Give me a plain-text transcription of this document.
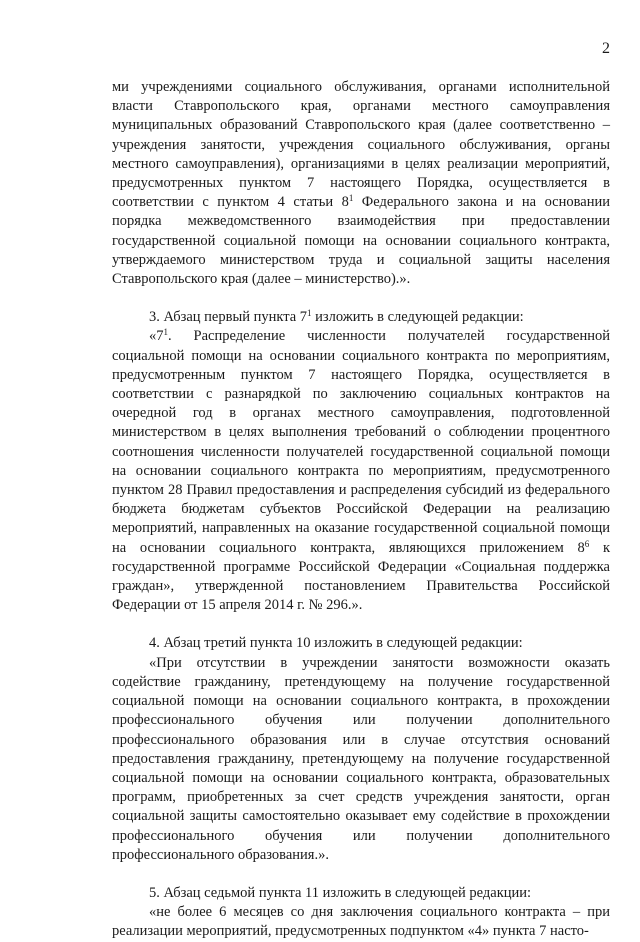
2

ми учреждениями социального обслуживания, органами исполнительной власти Ставропольского края, органами местного самоуправления муниципальных образований Ставропольского края (далее соответственно – учреждения занятости, учреждения социального обслуживания, органы местного самоуправления), организациями в целях реализации мероприятий, предусмотренных пунктом 7 настоящего Порядка, осуществляется в соответствии с пунктом 4 статьи $8^1$ Федерального закона и на основании порядка межведомственного взаимодействия при предоставлении государственной социальной помощи на основании социального контракта, утверждаемого министерством труда и социальной защиты населения Ставропольского края (далее – министерство).».

3. Абзац первый пункта $7^1$ изложить в следующей редакции:

«$7^1$. Распределение численности получателей государственной социальной помощи на основании социального контракта по мероприятиям, предусмотренным пунктом 7 настоящего Порядка, осуществляется в соответствии с разнарядкой по заключению социальных контрактов на очередной год в органах местного самоуправления, подготовленной министерством в целях выполнения требований о соблюдении процентного соотношения численности получателей государственной социальной помощи на основании социального контракта по мероприятиям, предусмотренного пунктом 28 Правил предоставления и распределения субсидий из федерального бюджета бюджетам субъектов Российской Федерации на реализацию мероприятий, направленных на оказание государственной социальной помощи на основании социального контракта, являющихся приложением $8^6$ к государственной программе Российской Федерации «Социальная поддержка граждан», утвержденной постановлением Правительства Российской Федерации от 15 апреля 2014 г. № 296.».

4. Абзац третий пункта 10 изложить в следующей редакции:

«При отсутствии в учреждении занятости возможности оказать содействие гражданину, претендующему на получение государственной социальной помощи на основании социального контракта, в прохождении профессионального обучения или получении дополнительного профессионального образования или в случае отсутствия оснований предоставления гражданину, претендующему на получение государственной социальной помощи на основании социального контракта, образовательных программ, приобретенных за счет средств учреждения занятости, орган социальной защиты самостоятельно оказывает ему содействие в прохождении профессионального обучения или получении дополнительного профессионального образования.».

5. Абзац седьмой пункта 11 изложить в следующей редакции:

«не более 6 месяцев со дня заключения социального контракта – при реализации мероприятий, предусмотренных подпунктом «4» пункта 7 насто-
